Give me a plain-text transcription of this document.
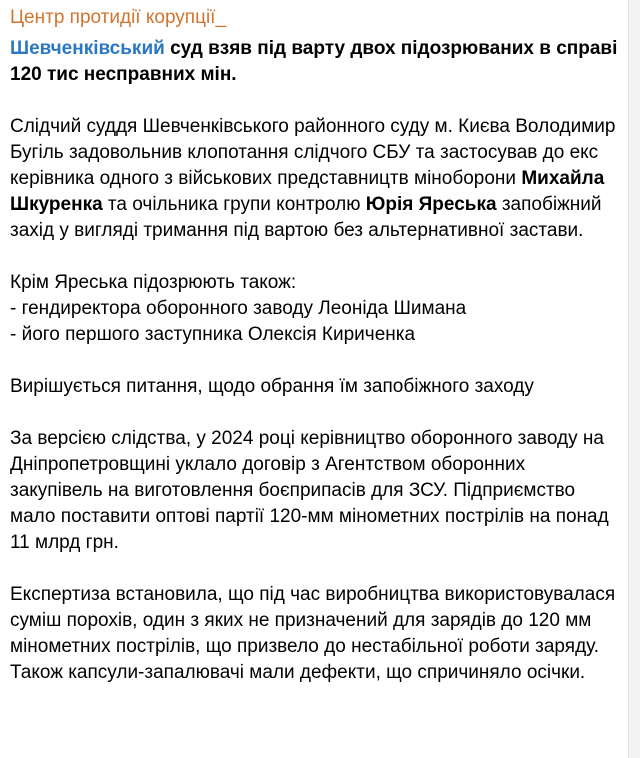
Центр протидії корупції_
Шевченківський суд взяв під варту двох підозрюваних в справі 120 тис несправних мін.

Слідчий суддя Шевченківського районного суду м. Києва Володимир Бугіль задовольнив клопотання слідчого СБУ та застосував до екс керівника одного з військових представництв міноборони Михайла Шкуренка та очільника групи контролю Юрія Яреська запобіжний захід у вигляді тримання під вартою без альтернативної застави.

Крім Яреська підозрюють також:
- гендиректора оборонного заводу Леоніда Шимана
- його першого заступника Олексія Кириченка

Вирішується питання, щодо обрання їм запобіжного заходу

За версією слідства, у 2024 році керівництво оборонного заводу на Дніпропетровщині уклало договір з Агентством оборонних закупівель на виготовлення боєприпасів для ЗСУ. Підприємство мало поставити оптові партії 120-мм мінометних пострілів на понад 11 млрд грн.

Експертиза встановила, що під час виробництва використовувалася суміш порохів, один з яких не призначений для зарядів до 120 мм мінометних пострілів, що призвело до нестабільної роботи заряду. Також капсули-запалювачі мали дефекти, що спричиняло осічки.
